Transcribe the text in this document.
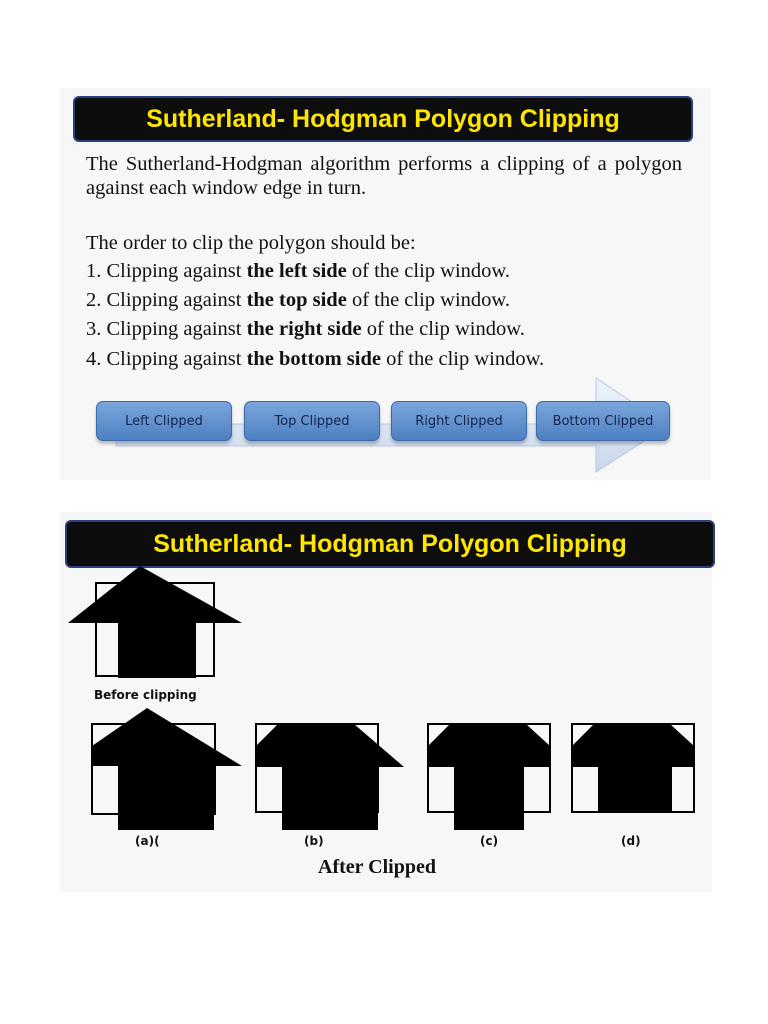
Sutherland- Hodgman Polygon Clipping
The Sutherland-Hodgman algorithm performs a clipping of a polygon against each window edge in turn.
The order to clip the polygon should be:
1. Clipping against the left side of the clip window.
2. Clipping against the top side of the clip window.
3. Clipping against the right side of the clip window.
4. Clipping against the bottom side of the clip window.
Left Clipped	Top Clipped	Right Clipped	Bottom Clipped
Sutherland- Hodgman Polygon Clipping
Before clipping
(a)(	(b)	(c)	(d)
After Clipped
